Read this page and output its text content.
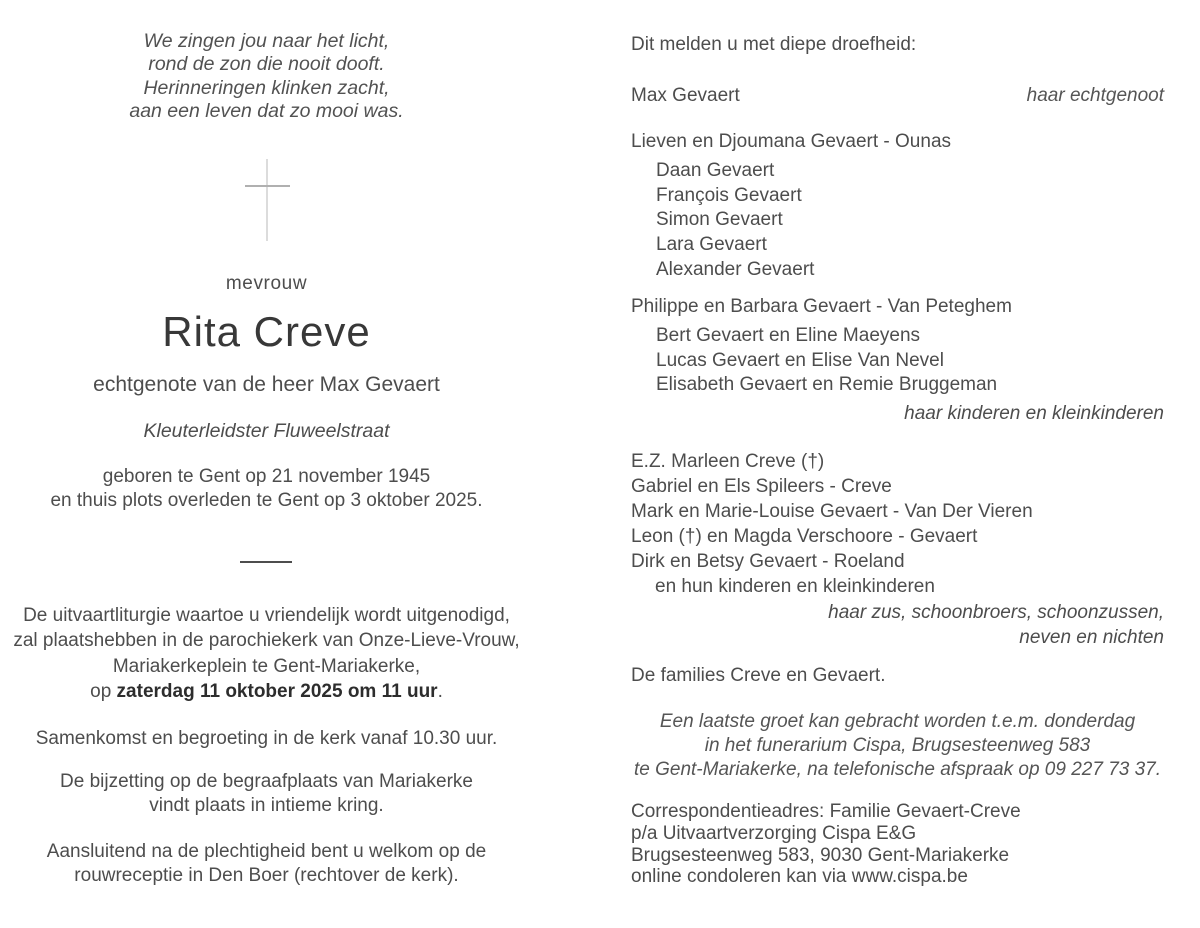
We zingen jou naar het licht,
rond de zon die nooit dooft.
Herinneringen klinken zacht,
aan een leven dat zo mooi was.
mevrouw
Rita Creve
echtgenote van de heer Max Gevaert
Kleuterleidster Fluweelstraat
geboren te Gent op 21 november 1945
en thuis plots overleden te Gent op 3 oktober 2025.
De uitvaartliturgie waartoe u vriendelijk wordt uitgenodigd,
zal plaatshebben in de parochiekerk van Onze-Lieve-Vrouw,
Mariakerkeplein te Gent-Mariakerke,
op zaterdag 11 oktober 2025 om 11 uur.
Samenkomst en begroeting in de kerk vanaf 10.30 uur.
De bijzetting op de begraafplaats van Mariakerke
vindt plaats in intieme kring.
Aansluitend na de plechtigheid bent u welkom op de
rouwreceptie in Den Boer (rechtover de kerk).
Dit melden u met diepe droefheid:
Max Gevaert	haar echtgenoot
Lieven en Djoumana Gevaert - Ounas
Daan Gevaert
François Gevaert
Simon Gevaert
Lara Gevaert
Alexander Gevaert
Philippe en Barbara Gevaert - Van Peteghem
Bert Gevaert en Eline Maeyens
Lucas Gevaert en Elise Van Nevel
Elisabeth Gevaert en Remie Bruggeman
haar kinderen en kleinkinderen
E.Z. Marleen Creve (†)
Gabriel en Els Spileers - Creve
Mark en Marie-Louise Gevaert - Van Der Vieren
Leon (†) en Magda Verschoore - Gevaert
Dirk en Betsy Gevaert - Roeland
en hun kinderen en kleinkinderen
haar zus, schoonbroers, schoonzussen,
neven en nichten
De families Creve en Gevaert.
Een laatste groet kan gebracht worden t.e.m. donderdag
in het funerarium Cispa, Brugsesteenweg 583
te Gent-Mariakerke, na telefonische afspraak op 09 227 73 37.
Correspondentieadres: Familie Gevaert-Creve
p/a Uitvaartverzorging Cispa E&G
Brugsesteenweg 583, 9030 Gent-Mariakerke
online condoleren kan via www.cispa.be
